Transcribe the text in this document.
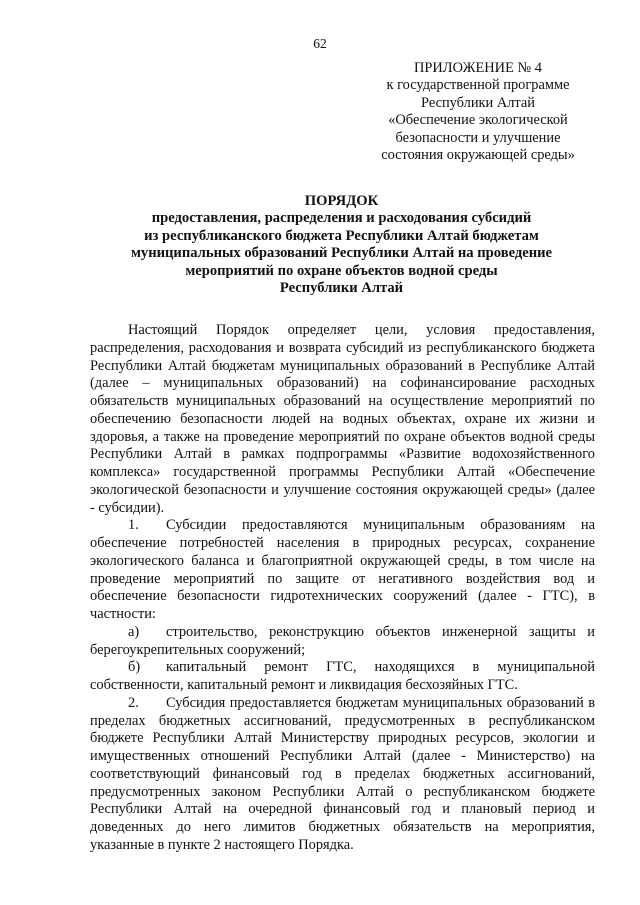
62
ПРИЛОЖЕНИЕ № 4
к государственной программе
Республики Алтай
«Обеспечение экологической
безопасности и улучшение
состояния окружающей среды»
ПОРЯДОК
предоставления, распределения и расходования субсидий
из республиканского бюджета Республики Алтай бюджетам
муниципальных образований Республики Алтай на проведение
мероприятий по охране объектов водной среды
Республики Алтай

Настоящий Порядок определяет цели, условия предоставления, распределения, расходования и возврата субсидий из республиканского бюджета Республики Алтай бюджетам муниципальных образований в Республике Алтай (далее – муниципальных образований) на софинансирование расходных обязательств муниципальных образований на осуществление мероприятий по обеспечению безопасности людей на водных объектах, охране их жизни и здоровья, а также на проведение мероприятий по охране объектов водной среды Республики Алтай в рамках подпрограммы «Развитие водохозяйственного комплекса» государственной программы Республики Алтай «Обеспечение экологической безопасности и улучшение состояния окружающей среды» (далее - субсидии).

1. Субсидии предоставляются муниципальным образованиям на обеспечение потребностей населения в природных ресурсах, сохранение экологического баланса и благоприятной окружающей среды, в том числе на проведение мероприятий по защите от негативного воздействия вод и обеспечение безопасности гидротехнических сооружений (далее - ГТС), в частности:

а) строительство, реконструкцию объектов инженерной защиты и берегоукрепительных сооружений;

б) капитальный ремонт ГТС, находящихся в муниципальной собственности, капитальный ремонт и ликвидация бесхозяйных ГТС.

2. Субсидия предоставляется бюджетам муниципальных образований в пределах бюджетных ассигнований, предусмотренных в республиканском бюджете Республики Алтай Министерству природных ресурсов, экологии и имущественных отношений Республики Алтай (далее - Министерство) на соответствующий финансовый год в пределах бюджетных ассигнований, предусмотренных законом Республики Алтай о республиканском бюджете Республики Алтай на очередной финансовый год и плановый период и доведенных до него лимитов бюджетных обязательств на мероприятия, указанные в пункте 2 настоящего Порядка.
